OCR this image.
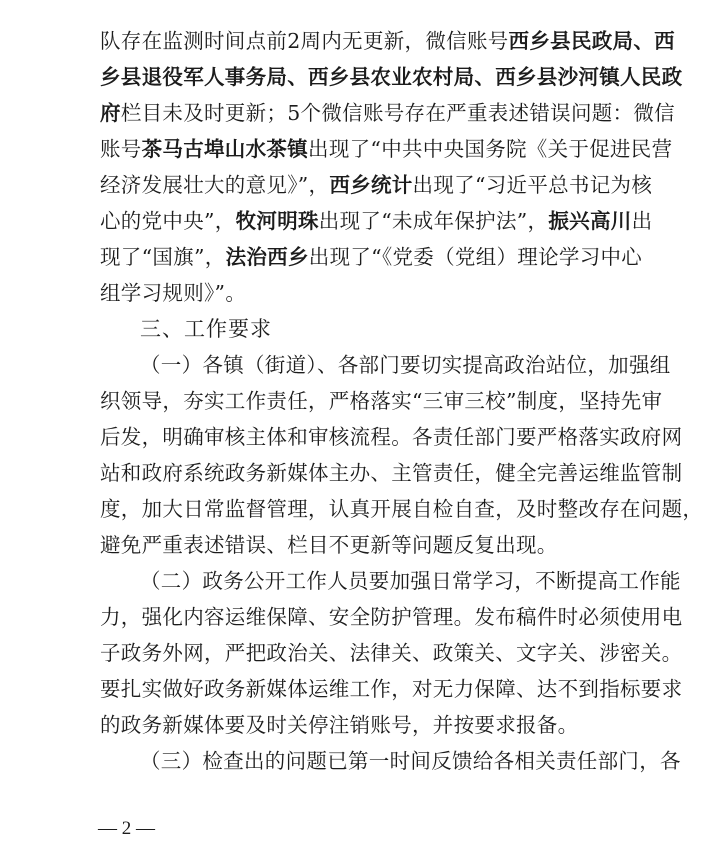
队存在监测时间点前2周内无更新，微信账号西乡县民政局、西
乡县退役军人事务局、西乡县农业农村局、西乡县沙河镇人民政
府栏目未及时更新；5个微信账号存在严重表述错误问题：微信
账号茶马古埠山水茶镇出现了“中共中央国务院《关于促进民营
经济发展壮大的意见》”，西乡统计出现了“习近平总书记为核
心的党中央”，牧河明珠出现了“未成年保护法”，振兴高川出
现了“国旗”，法治西乡出现了“《党委（党组）理论学习中心
组学习规则》”。
三、工作要求
（一）各镇（街道）、各部门要切实提高政治站位，加强组
织领导，夯实工作责任，严格落实“三审三校”制度，坚持先审
后发，明确审核主体和审核流程。各责任部门要严格落实政府网
站和政府系统政务新媒体主办、主管责任，健全完善运维监管制
度，加大日常监督管理，认真开展自检自查，及时整改存在问题，
避免严重表述错误、栏目不更新等问题反复出现。
（二）政务公开工作人员要加强日常学习，不断提高工作能
力，强化内容运维保障、安全防护管理。发布稿件时必须使用电
子政务外网，严把政治关、法律关、政策关、文字关、涉密关。
要扎实做好政务新媒体运维工作，对无力保障、达不到指标要求
的政务新媒体要及时关停注销账号，并按要求报备。
（三）检查出的问题已第一时间反馈给各相关责任部门，各
— 2 —
